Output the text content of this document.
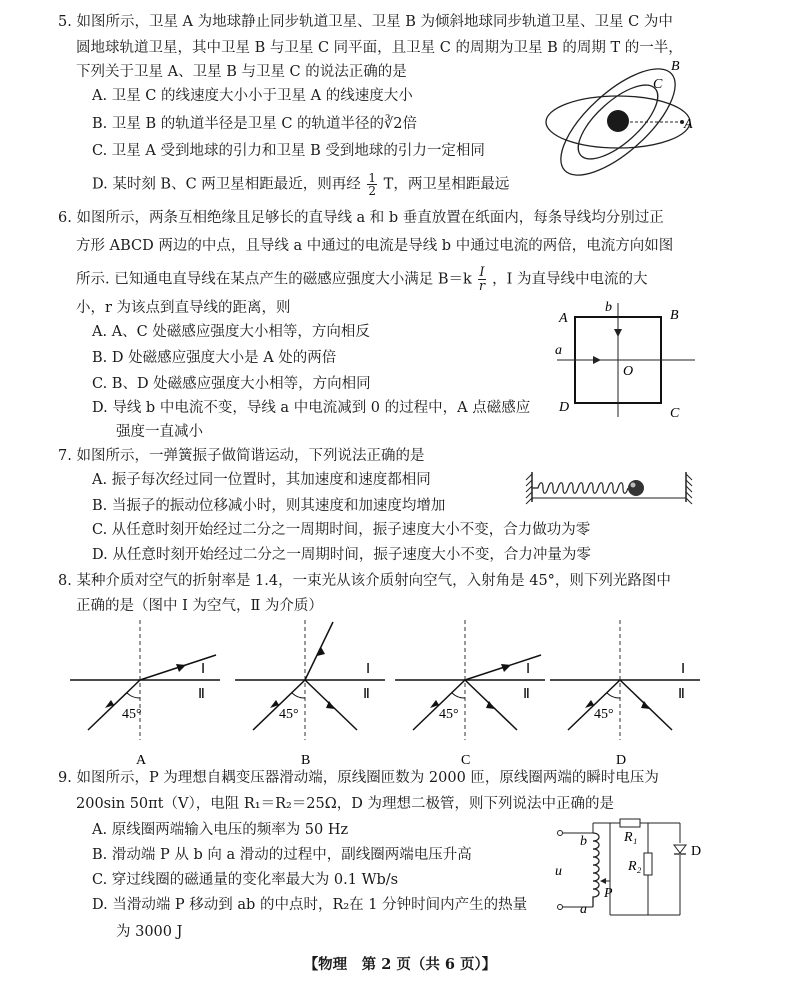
5. 如图所示，卫星 A 为地球静止同步轨道卫星、卫星 B 为倾斜地球同步轨道卫星、卫星 C 为中
圆地球轨道卫星，其中卫星 B 与卫星 C 同平面，且卫星 C 的周期为卫星 B 的周期 T 的一半，
下列关于卫星 A、卫星 B 与卫星 C 的说法正确的是
A. 卫星 C 的线速度大小小于卫星 A 的线速度大小
B. 卫星 B 的轨道半径是卫星 C 的轨道半径的∛2倍
C. 卫星 A 受到地球的引力和卫星 B 受到地球的引力一定相同
D. 某时刻 B、C 两卫星相距最近，则再经 $\frac{1}{2}$ T，两卫星相距最远
A
B
C
6. 如图所示，两条互相绝缘且足够长的直导线 a 和 b 垂直放置在纸面内，每条导线均分别过正
方形 ABCD 两边的中点，且导线 a 中通过的电流是导线 b 中通过电流的两倍，电流方向如图
所示. 已知通电直导线在某点产生的磁感应强度大小满足 $B=k \frac{I}{r}$ ，I 为直导线中电流的大
小，r 为该点到直导线的距离，则
A. A、C 处磁感应强度大小相等，方向相反
B. D 处磁感应强度大小是 A 处的两倍
C. B、D 处磁感应强度大小相等，方向相同
D. 导线 b 中电流不变，导线 a 中电流减到 0 的过程中，A 点磁感应
强度一直减小
A	B
C
D
O
a
b
7. 如图所示，一弹簧振子做简谐运动，下列说法正确的是
A. 振子每次经过同一位置时，其加速度和速度都相同
B. 当振子的振动位移减小时，则其速度和加速度均增加
C. 从任意时刻开始经过二分之一周期时间，振子速度大小不变，合力做功为零
D. 从任意时刻开始经过二分之一周期时间，振子速度大小不变，合力冲量为零
8. 某种介质对空气的折射率是 1.4，一束光从该介质射向空气，入射角是 45°，则下列光路图中
正确的是（图中 Ⅰ 为空气，Ⅱ 为介质）
45°
Ⅰ
Ⅱ
A
45°
Ⅰ
Ⅱ
B
45°
Ⅰ
Ⅱ
C
45°
Ⅰ
Ⅱ
D
9. 如图所示，P 为理想自耦变压器滑动端，原线圈匝数为 2000 匝，原线圈两端的瞬时电压为
200sin 50πt（V），电阻 R₁＝R₂＝25Ω，D 为理想二极管，则下列说法中正确的是
A. 原线圈两端输入电压的频率为 50 Hz
B. 滑动端 P 从 b 向 a 滑动的过程中，副线圈两端电压升高
C. 穿过线圈的磁通量的变化率最大为 0.1 Wb/s
D. 当滑动端 P 移动到 ab 的中点时，R₂在 1 分钟时间内产生的热量
为 3000 J
u
b
a
P
R₁
R₂
D
【物理　第 2 页（共 6 页）】
